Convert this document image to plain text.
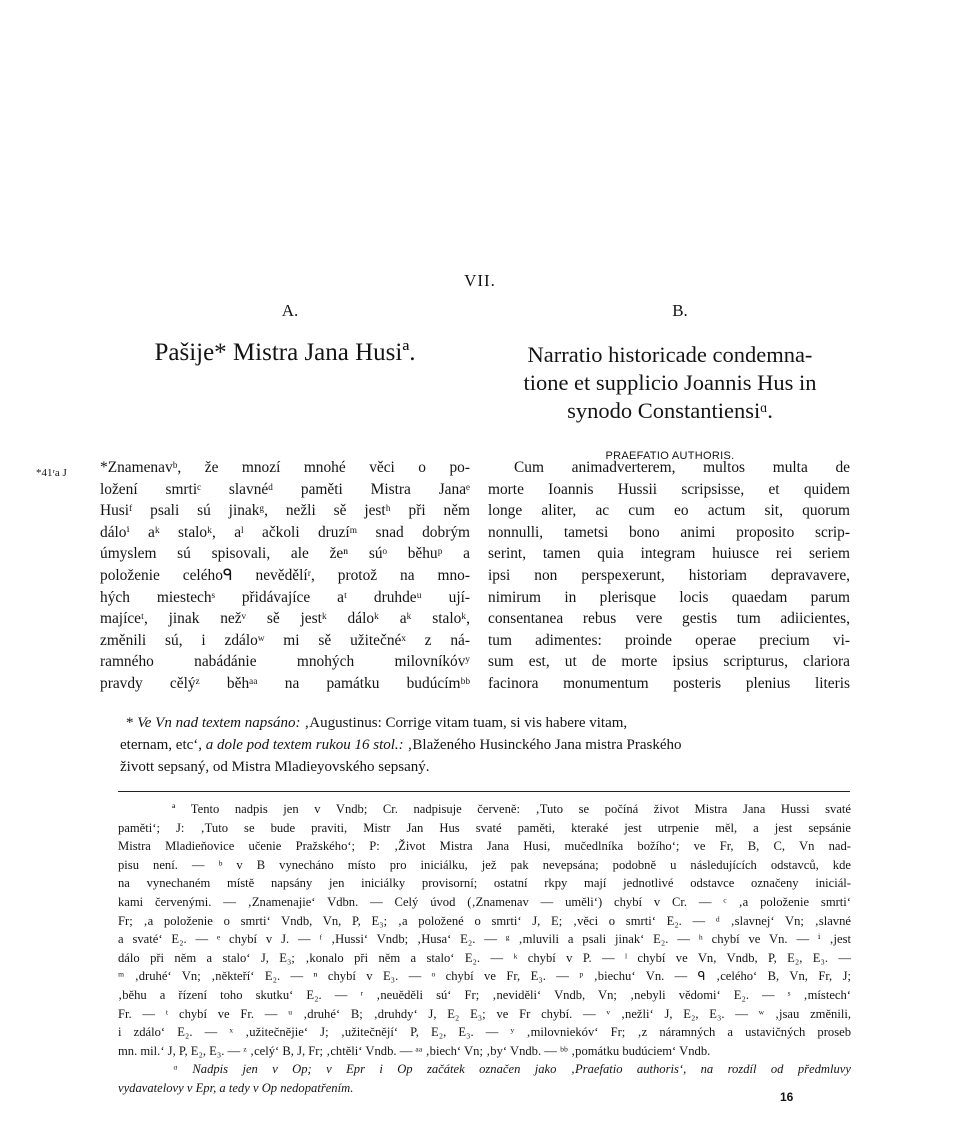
VII.
A.	B.
Pašije* Mistra Jana Husiª.	Narratio historicade condemna-
tione et supplicio Joannis Hus in
synodo Constantiensiᵅ.
PRAEFATIO AUTHORIS.
*41ʳa J *Znamenavᵇ, že mnozí mnohé věci o po-
ložení smrtiᶜ slavnéᵈ paměti Mistra Janaᵉ
Husiᶠ psali sú jinakᵍ, nežli sě jestʰ při něm
dáloⁱ aᵏ staloᵏ, aˡ ačkoli druzíᵐ snad dobrým
úmyslem sú spisovali, ale žeⁿ súᵒ běhuᵖ a
položenie celéhoᑫ nevědělíʳ, protož na mno-
hých miestechˢ přidávajíce aᵗ druhdeᵘ ují-
majíceᵗ, jinak nežᵛ sě jestᵏ dáloᵏ aᵏ staloᵏ,
změnili sú, i zdáloʷ mi sě užitečnéˣ z ná-
ramného nabádánie mnohých milovníkóvʸ
pravdy cělýᶻ běhᵃᵃ na památku budúcímᵇᵇ
Cum animadverterem, multos multa de
morte Ioannis Hussii scripsisse, et quidem
longe aliter, ac cum eo actum sit, quorum
nonnulli, tametsi bono animi proposito scrip-
serint, tamen quia integram huiusce rei seriem
ipsi non perspexerunt, historiam depravavere,
nimirum in plerisque locis quaedam parum
consentanea rebus vere gestis tum adiicientes,
tum adimentes: proinde operae precium vi-
sum est, ut de morte ipsius scripturus, clariora
facinora monumentum posteris plenius literis
* Ve Vn nad textem napsáno: ‚Augustinus: Corrige vitam tuam, si vis habere vitam,
eternam, etc‘, a dole pod textem rukou 16 stol.: ‚Blaženého Husinckého Jana mistra Praského
živott sepsaný, od Mistra Mladieyovského sepsaný.
ª Tento nadpis jen v Vndb; Cr. nadpisuje červeně: ‚Tuto se počíná život Mistra Jana Hussi svaté
paměti‘; J: ‚Tuto se bude praviti, Mistr Jan Hus svaté paměti, kteraké jest utrpenie měl, a jest sepsánie
Mistra Mladieňovice učenie Pražského‘; P: ‚Život Mistra Jana Husi, mučedlníka božího‘; ve Fr, B, C, Vn nad-
pisu není. — ᵇ v B vynecháno místo pro iniciálku, jež pak nevepsána; podobně u následujících odstavců, kde
na vynechaném místě napsány jen iniciálky provisorní; ostatní rkpy mají jednotlivé odstavce označeny iniciál-
kami červenými. — ‚Znamenajie‘ Vdbn. — Celý úvod (‚Znamenav — uměli‘) chybí v Cr. — ᶜ ‚a položenie smrti‘
Fr; ‚a položenie o smrti‘ Vndb, Vn, P, E₃; ‚a položené o smrti‘ J, E; ‚věci o smrti‘ E₂. — ᵈ ‚slavnej‘ Vn; ‚slavné
a svaté‘ E₂. — ᵉ chybí v J. — ᶠ ‚Hussi‘ Vndb; ‚Husa‘ E₂. — ᵍ ‚mluvili a psali jinak‘ E₂. — ʰ chybí ve Vn. — ⁱ ‚jest
dálo při něm a stalo‘ J, E₃; ‚konalo při něm a stalo‘ E₂. — ᵏ chybí v P. — ˡ chybí ve Vn, Vndb, P, E₂, E₃. —
ᵐ ‚druhé‘ Vn; ‚někteří‘ E₂. — ⁿ chybí v E₃. — ᵒ chybí ve Fr, E₃. — ᵖ ‚biechu‘ Vn. — ᑫ ‚celého‘ B, Vn, Fr, J;
‚běhu a řízení toho skutku‘ E₂. — ʳ ‚neuěděli sú‘ Fr; ‚neviděli‘ Vndb, Vn; ‚nebyli vědomi‘ E₂. — ˢ ‚místech‘
Fr. — ᵗ chybí ve Fr. — ᵘ ‚druhé‘ B; ‚druhdy‘ J, E₂ E₃; ve Fr chybí. — ᵛ ‚nežli‘ J, E₂, E₃. — ʷ ‚jsau změnili,
i zdálo‘ E₂. — ˣ ‚užitečnějie‘ J; ‚užitečnějí‘ P, E₂, E₃. — ʸ ‚milovniekóv‘ Fr; ‚z náramných a ustavičných proseb
mn. mil.‘ J, P, E₂, E₃. — ᶻ ‚celý‘ B, J, Fr; ‚chtěli‘ Vndb. — ᵃᵃ ‚biech‘ Vn; ‚by‘ Vndb. — ᵇᵇ ‚pomátku budúciem‘ Vndb.
ᵅ Nadpis jen v Op; v Epr i Op začátek označen jako ‚Praefatio authoris‘, na rozdíl od předmluvy
vydavatelovy v Epr, a tedy v Op nedopatřením.
16
